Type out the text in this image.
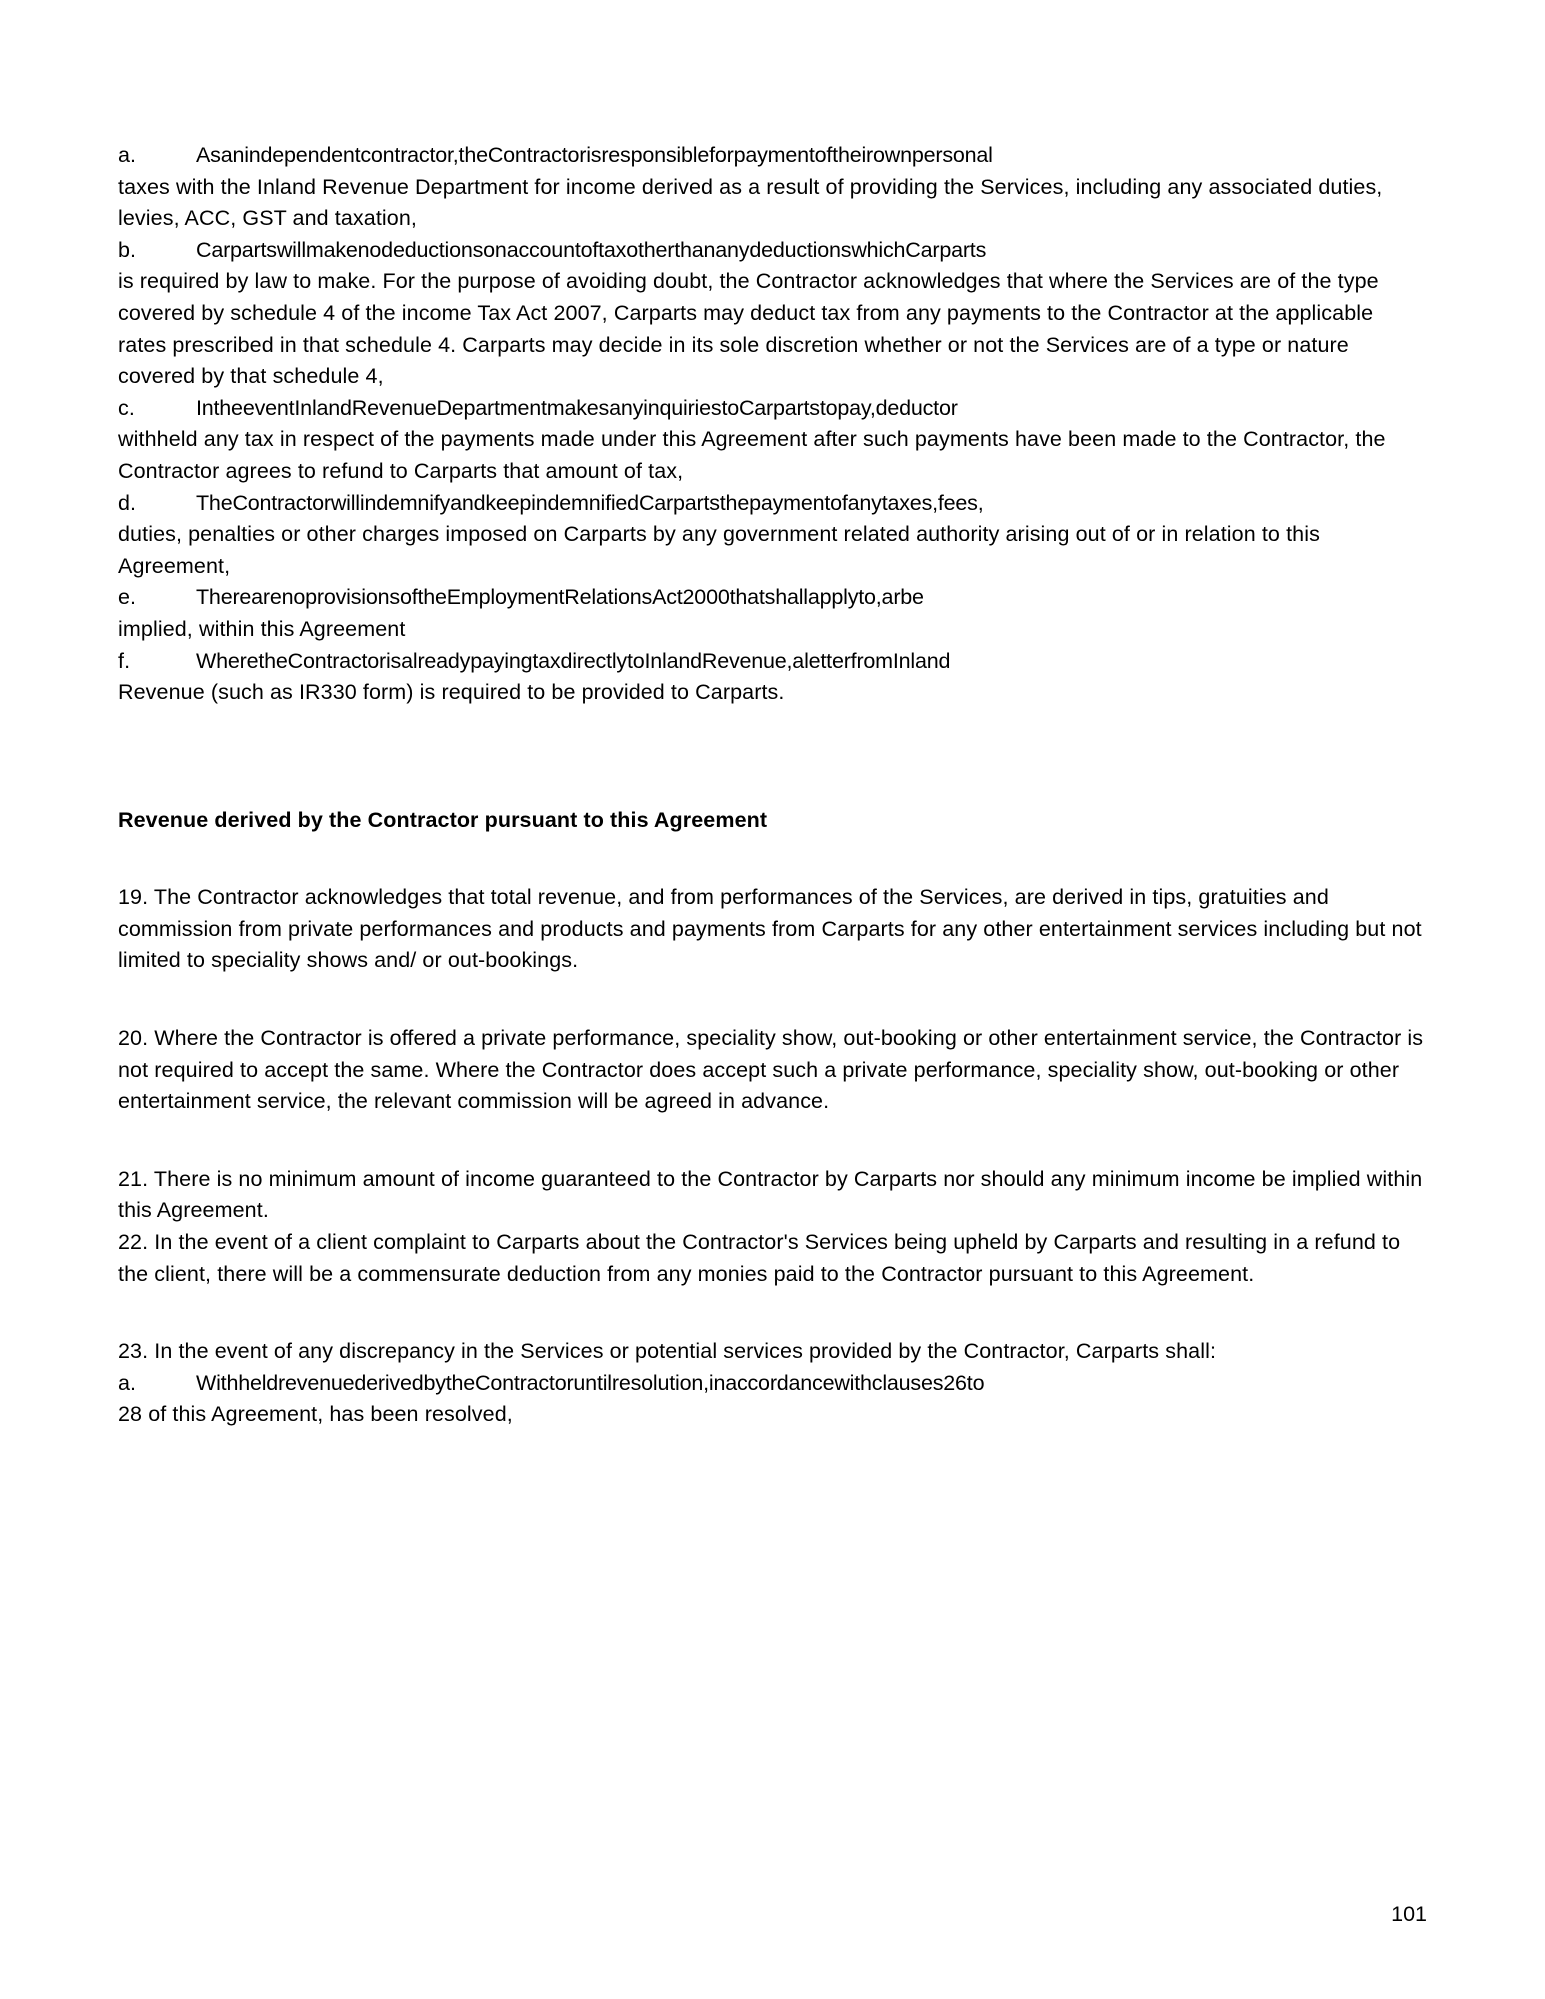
a.	Asanindependentcontractor,theContractorisresponsibleforpaymentoftheirownpersonal

taxes with the Inland Revenue Department for income derived as a result of providing the Services, including any associated duties, levies, ACC, GST and taxation,

b.	CarpartswillmakenodeductionsonaccountoftaxotherthananydeductionswhichCarparts

is required by law to make. For the purpose of avoiding doubt, the Contractor acknowledges that where the Services are of the type covered by schedule 4 of the income Tax Act 2007, Carparts may deduct tax from any payments to the Contractor at the applicable rates prescribed in that schedule 4. Carparts may decide in its sole discretion whether or not the Services are of a type or nature covered by that schedule 4,

c.	IntheeventInlandRevenueDepartmentmakesanyinquiriestoCarpartstopay,deductor

withheld any tax in respect of the payments made under this Agreement after such payments have been made to the Contractor, the Contractor agrees to refund to Carparts that amount of tax,

d.	TheContractorwillindemnifyandkeepindemnifiedCarpartsthepaymentofanytaxes,fees,

duties, penalties or other charges imposed on Carparts by any government related authority arising out of or in relation to this Agreement,

e.	TherearenoprovisionsoftheEmploymentRelationsAct2000thatshallapplyto,arbe

implied, within this Agreement

f.	WheretheContractorisalreadypayingtaxdirectlytoInlandRevenue,aletterfromInland

Revenue (such as IR330 form) is required to be provided to Carparts.

Revenue derived by the Contractor pursuant to this Agreement

19. The Contractor acknowledges that total revenue, and from performances of the Services, are derived in tips, gratuities and commission from private performances and products and payments from Carparts for any other entertainment services including but not limited to speciality shows and/ or out-bookings.

20. Where the Contractor is offered a private performance, speciality show, out-booking or other entertainment service, the Contractor is not required to accept the same. Where the Contractor does accept such a private performance, speciality show, out-booking or other entertainment service, the relevant commission will be agreed in advance.

21. There is no minimum amount of income guaranteed to the Contractor by Carparts nor should any minimum income be implied within this Agreement.

22. In the event of a client complaint to Carparts about the Contractor's Services being upheld by Carparts and resulting in a refund to the client, there will be a commensurate deduction from any monies paid to the Contractor pursuant to this Agreement.

23. In the event of any discrepancy in the Services or potential services provided by the Contractor, Carparts shall:

a.	WithheldrevenuederivedbytheContractoruntilresolution,inaccordancewithclauses26to

28 of this Agreement, has been resolved,

101
